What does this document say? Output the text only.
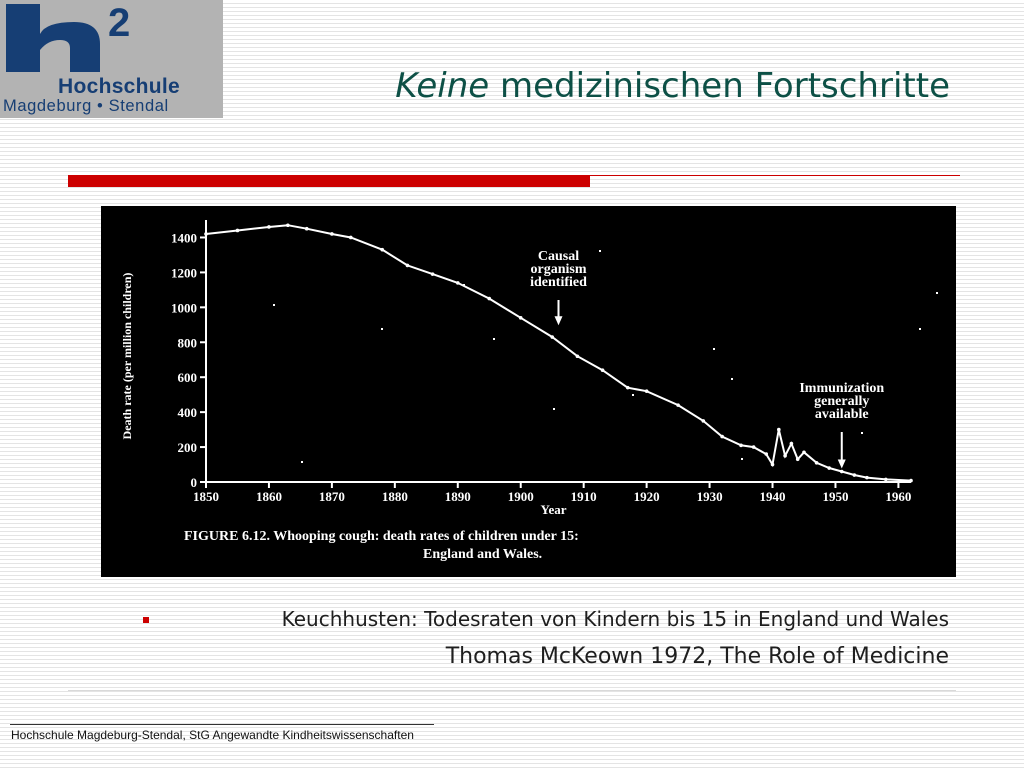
2
Hochschule
Magdeburg • Stendal	Keine medizinischen Fortschritte
0
200
400
600
800
1000
1200
1400
1850	1860	1870	1880	1890	1900	1910	1920	1930	1940	1950	1960
Year
Death rate (per million children)
Causal
organism
identified
Immunization
generally
available
FIGURE 6.12. Whooping cough: death rates of children under 15:
England and Wales.
Keuchhusten: Todesraten von Kindern bis 15 in England und Wales
Thomas McKeown 1972, The Role of Medicine
Hochschule Magdeburg-Stendal, StG Angewandte Kindheitswissenschaften
